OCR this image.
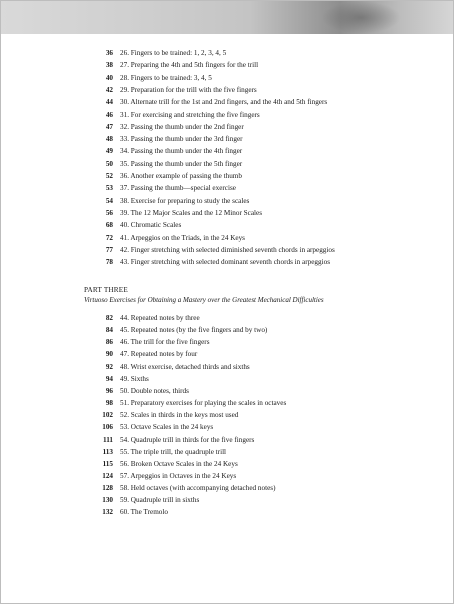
36 26. Fingers to be trained: 1, 2, 3, 4, 5
38 27. Preparing the 4th and 5th fingers for the trill
40 28. Fingers to be trained: 3, 4, 5
42 29. Preparation for the trill with the five fingers
44 30. Alternate trill for the 1st and 2nd fingers, and the 4th and 5th fingers
46 31. For exercising and stretching the five fingers
47 32. Passing the thumb under the 2nd finger
48 33. Passing the thumb under the 3rd finger
49 34. Passing the thumb under the 4th finger
50 35. Passing the thumb under the 5th finger
52 36. Another example of passing the thumb
53 37. Passing the thumb—special exercise
54 38. Exercise for preparing to study the scales
56 39. The 12 Major Scales and the 12 Minor Scales
68 40. Chromatic Scales
72 41. Arpeggios on the Triads, in the 24 Keys
77 42. Finger stretching with selected diminished seventh chords in arpeggios
78 43. Finger stretching with selected dominant seventh chords in arpeggios
PART THREE
Virtuoso Exercises for Obtaining a Mastery over the Greatest Mechanical Difficulties
82 44. Repeated notes by three
84 45. Repeated notes (by the five fingers and by two)
86 46. The trill for the five fingers
90 47. Repeated notes by four
92 48. Wrist exercise, detached thirds and sixths
94 49. Sixths
96 50. Double notes, thirds
98 51. Preparatory exercises for playing the scales in octaves
102 52. Scales in thirds in the keys most used
106 53. Octave Scales in the 24 keys
111 54. Quadruple trill in thirds for the five fingers
113 55. The triple trill, the quadruple trill
115 56. Broken Octave Scales in the 24 Keys
124 57. Arpeggios in Octaves in the 24 Keys
128 58. Held octaves (with accompanying detached notes)
130 59. Quadruple trill in sixths
132 60. The Tremolo
